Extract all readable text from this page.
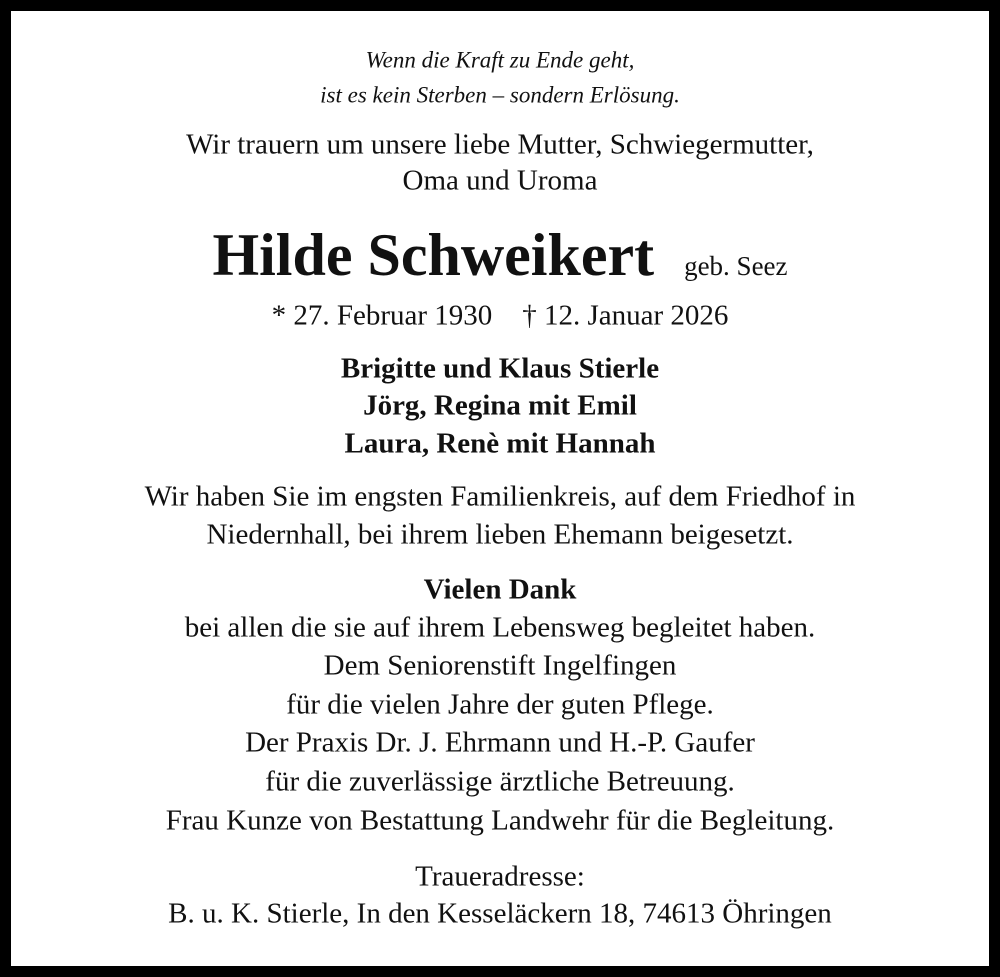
Wenn die Kraft zu Ende geht,
ist es kein Sterben – sondern Erlösung.
Wir trauern um unsere liebe Mutter, Schwiegermutter,
Oma und Uroma
Hilde Schweikert geb. Seez
* 27. Februar 1930 † 12. Januar 2026
Brigitte und Klaus Stierle
Jörg, Regina mit Emil
Laura, Renè mit Hannah
Wir haben Sie im engsten Familienkreis, auf dem Friedhof in
Niedernhall, bei ihrem lieben Ehemann beigesetzt.
Vielen Dank
bei allen die sie auf ihrem Lebensweg begleitet haben.
Dem Seniorenstift Ingelfingen
für die vielen Jahre der guten Pflege.
Der Praxis Dr. J. Ehrmann und H.-P. Gaufer
für die zuverlässige ärztliche Betreuung.
Frau Kunze von Bestattung Landwehr für die Begleitung.
Traueradresse:
B. u. K. Stierle, In den Kesseläckern 18, 74613 Öhringen
